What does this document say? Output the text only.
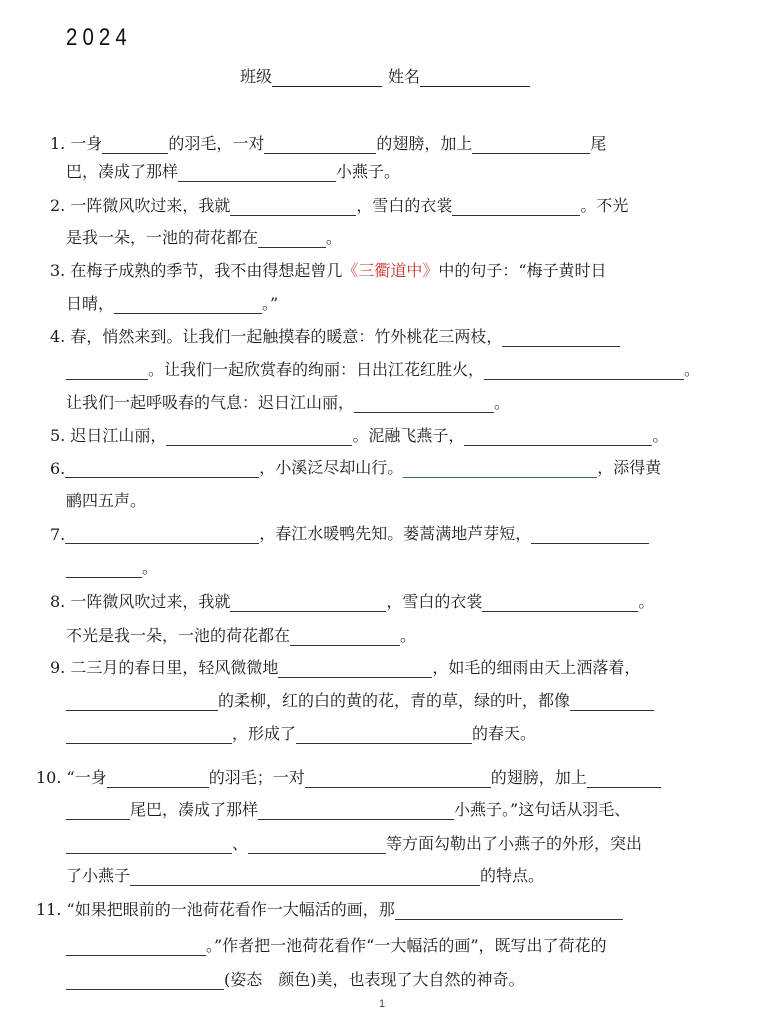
2024
班级	姓名
1. 一身	的羽毛，一对	的翅膀，加上	尾
巴，凑成了那样	小燕子。
2. 一阵微风吹过来，我就	，雪白的衣裳	。不光
是我一朵，一池的荷花都在	。
3. 在梅子成熟的季节，我不由得想起曾几 《三衢道中》 中的句子：“梅子黄时日
日晴，	。”
4. 春，悄然来到。让我们一起触摸春的暖意：竹外桃花三两枝，
。让我们一起欣赏春的绚丽：日出江花红胜火，	。
让我们一起呼吸春的气息：迟日江山丽，	。
5. 迟日江山丽，	。泥融飞燕子，	。
6.	，小溪泛尽却山行。	，添得黄
鹂四五声。
7.	，春江水暖鸭先知。蒌蒿满地芦芽短，
。
8. 一阵微风吹过来，我就	，雪白的衣裳	。
不光是我一朵，一池的荷花都在	。
9. 二三月的春日里，轻风微微地	，如毛的细雨由天上洒落着，
的柔柳，红的白的黄的花，青的草，绿的叶，都像
，形成了	的春天。
10. “一身	的羽毛；一对	的翅膀，加上
尾巴，凑成了那样	小燕子。”这句话从羽毛、
、	等方面勾勒出了小燕子的外形，突出
了小燕子	的特点。
11. “如果把眼前的一池荷花看作一大幅活的画，那
。”作者把一池荷花看作“一大幅活的画”，既写出了荷花的
(姿态　颜色)美，也表现了大自然的神奇。
1
